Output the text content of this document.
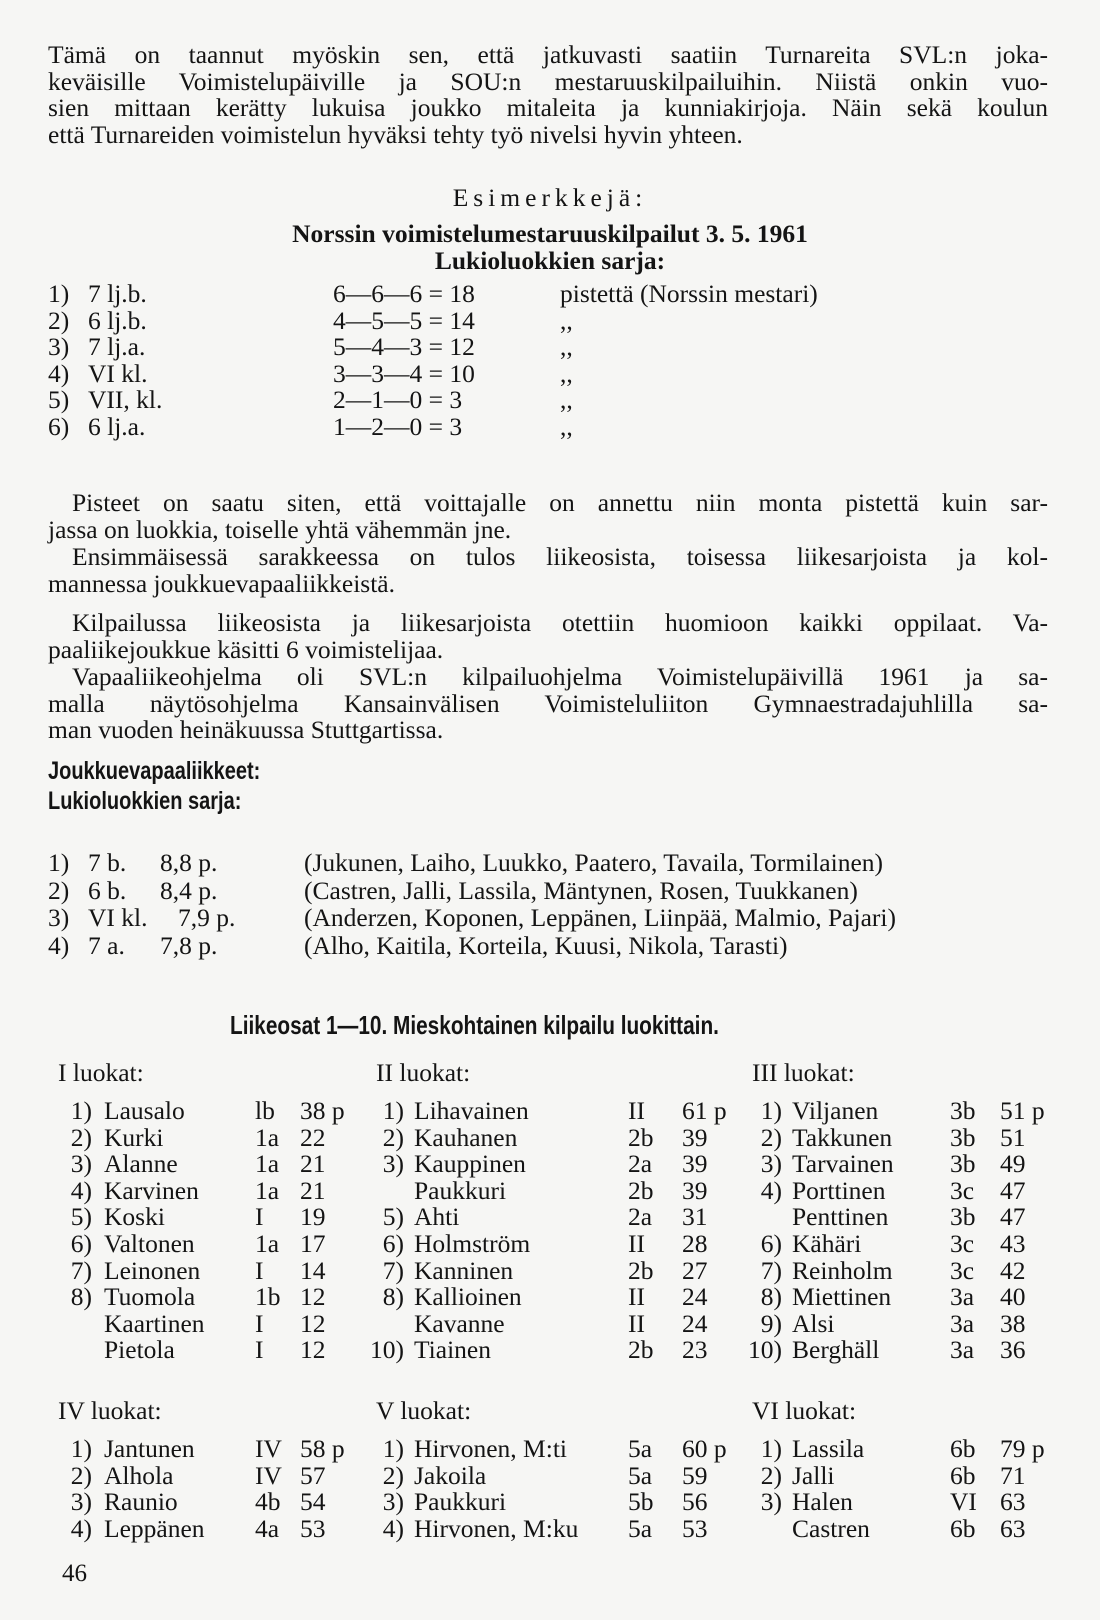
Tämä on taannut myöskin sen, että jatkuvasti saatiin Turnareita SVL:n joka-
keväisille Voimistelupäiville ja SOU:n mestaruuskilpailuihin. Niistä onkin vuo-
sien mittaan kerätty lukuisa joukko mitaleita ja kunniakirjoja. Näin sekä koulun
että Turnareiden voimistelun hyväksi tehty työ nivelsi hyvin yhteen.
Esimerkkejä:
Norssin voimistelumestaruuskilpailut 3. 5. 1961
Lukioluokkien sarja:
1) 7 lj.b.	6—6—6 = 18	pistettä (Norssin mestari)
2) 6 lj.b.	4—5—5 = 14	,,
3) 7 lj.a.	5—4—3 = 12	,,
4) VI kl.	3—3—4 = 10	,,
5) VII, kl.	2—1—0 = 3	,,
6) 6 lj.a.	1—2—0 = 3	,,
Pisteet on saatu siten, että voittajalle on annettu niin monta pistettä kuin sar-
jassa on luokkia, toiselle yhtä vähemmän jne.
Ensimmäisessä sarakkeessa on tulos liikeosista, toisessa liikesarjoista ja kol-
mannessa joukkuevapaaliikkeistä.
Kilpailussa liikeosista ja liikesarjoista otettiin huomioon kaikki oppilaat. Va-
paaliikejoukkue käsitti 6 voimistelijaa.
Vapaaliikeohjelma oli SVL:n kilpailuohjelma Voimistelupäivillä 1961 ja sa-
malla näytösohjelma Kansainvälisen Voimisteluliiton Gymnaestradajuhlilla sa-
man vuoden heinäkuussa Stuttgartissa.
Joukkuevapaaliikkeet:
Lukioluokkien sarja:
1) 7 b. 8,8 p.	(Jukunen, Laiho, Luukko, Paatero, Tavaila, Tormilainen)
2) 6 b. 8,4 p.	(Castren, Jalli, Lassila, Mäntynen, Rosen, Tuukkanen)
3) VI kl. 7,9 p.	(Anderzen, Koponen, Leppänen, Liinpää, Malmio, Pajari)
4) 7 a. 7,8 p.	(Alho, Kaitila, Korteila, Kuusi, Nikola, Tarasti)
Liikeosat 1—10. Mieskohtainen kilpailu luokittain.
I luokat:	II luokat:	III luokat:
1) Lausalo	lb 38 p	1) Lihavainen	II 61 p	1) Viljanen	3b 51 p
2) Kurki	1a 22	2) Kauhanen	2b 39	2) Takkunen 3b 51
3) Alanne	1a 21	3) Kauppinen	2a 39	3) Tarvainen 3b 49
4) Karvinen 1a 21	Paukkuri	2b 39	4) Porttinen	3c 47
5) Koski	I 19	5) Ahti	2a 31	Penttinen 3b 47
6) Valtonen 1a 17	6) Holmström	II 28	6) Kähäri	3c 43
7) Leinonen I 14	7) Kanninen	2b 27	7) Reinholm 3c 42
8) Tuomola 1b 12	8) Kallioinen	II 24	8) Miettinen 3a 40
Kaartinen I 12	Kavanne	II 24	9) Alsi	3a 38
Pietola	I 12	10) Tiainen	2b 23	10) Berghäll	3a 36
IV luokat:	V luokat:	VI luokat:
1) Jantunen IV 58 p	1) Hirvonen, M:ti 5a 60 p	1) Lassila	6b 79 p
2) Alhola	IV 57	2) Jakoila	5a 59	2) Jalli	6b 71
3) Raunio	4b 54	3) Paukkuri	5b 56	3) Halen	VI 63
4) Leppänen 4a 53	4) Hirvonen, M:ku 5a 53	Castren	6b 63
46
